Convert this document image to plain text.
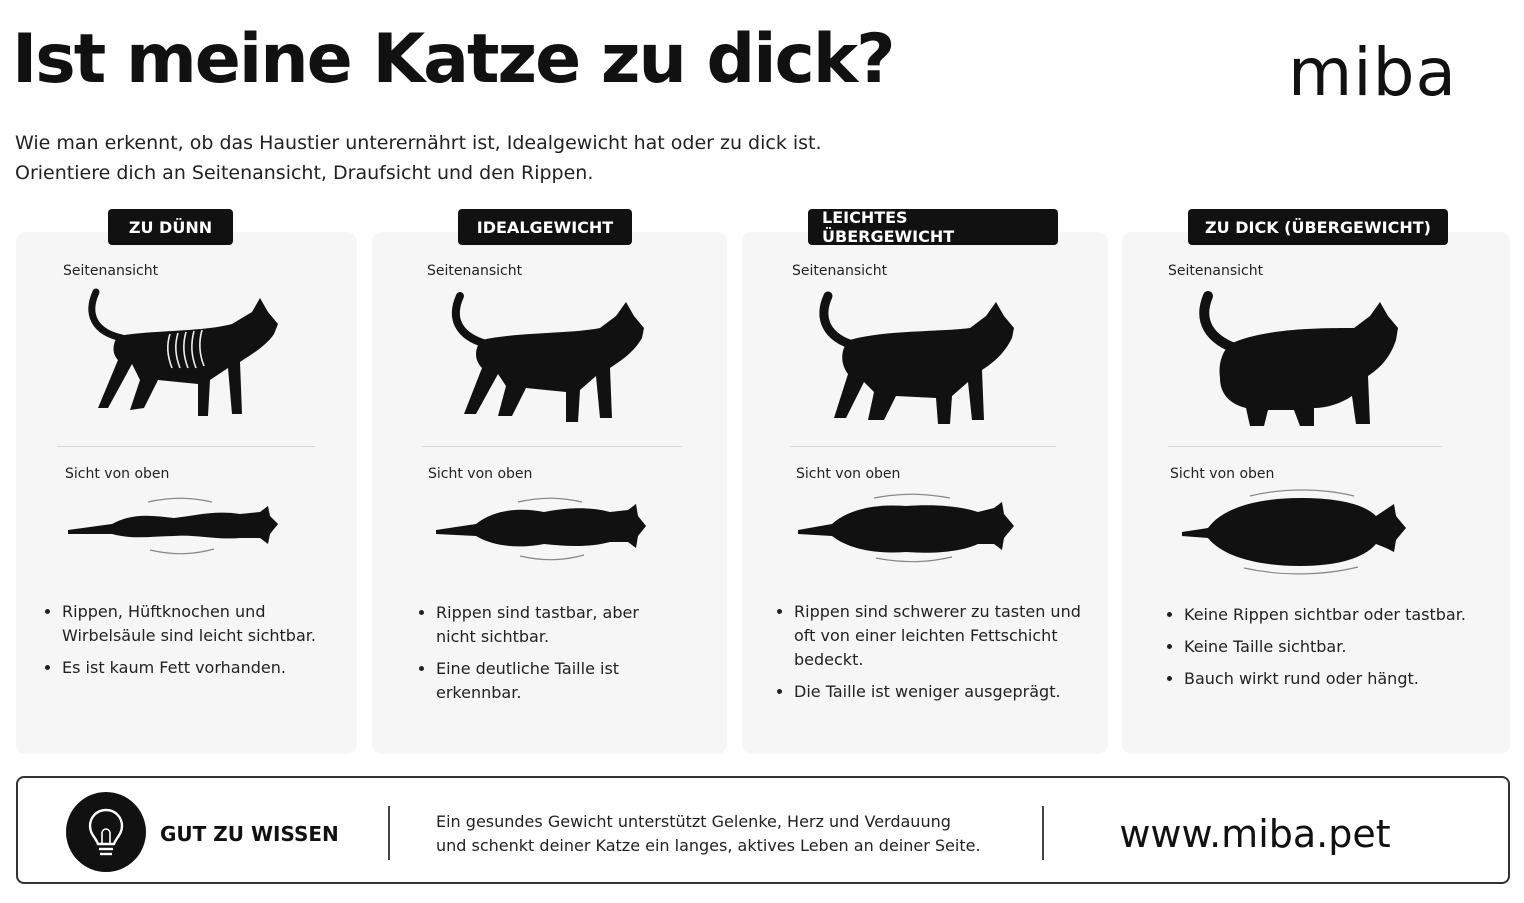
Ist meine Katze zu dick?	miba
Wie man erkennt, ob das Haustier unterernährt ist, Idealgewicht hat oder zu dick ist.
Orientiere dich an Seitenansicht, Draufsicht und den Rippen.
ZU DÜNN
Seitenansicht
Sicht von oben
• Rippen, Hüftknochen und Wirbelsäule sind leicht sichtbar.
• Es ist kaum Fett vorhanden.
IDEALGEWICHT
Seitenansicht
Sicht von oben
• Rippen sind tastbar, aber nicht sichtbar.
• Eine deutliche Taille ist erkennbar.
LEICHTES ÜBERGEWICHT
Seitenansicht
Sicht von oben
• Rippen sind schwerer zu tasten und oft von einer leichten Fettschicht bedeckt.
• Die Taille ist weniger ausgeprägt.
ZU DICK (ÜBERGEWICHT)
Seitenansicht
Sicht von oben
• Keine Rippen sichtbar oder tastbar.
• Keine Taille sichtbar.
• Bauch wirkt rund oder hängt.
GUT ZU WISSEN
Ein gesundes Gewicht unterstützt Gelenke, Herz und Verdauung
und schenkt deiner Katze ein langes, aktives Leben an deiner Seite.	www.miba.pet
